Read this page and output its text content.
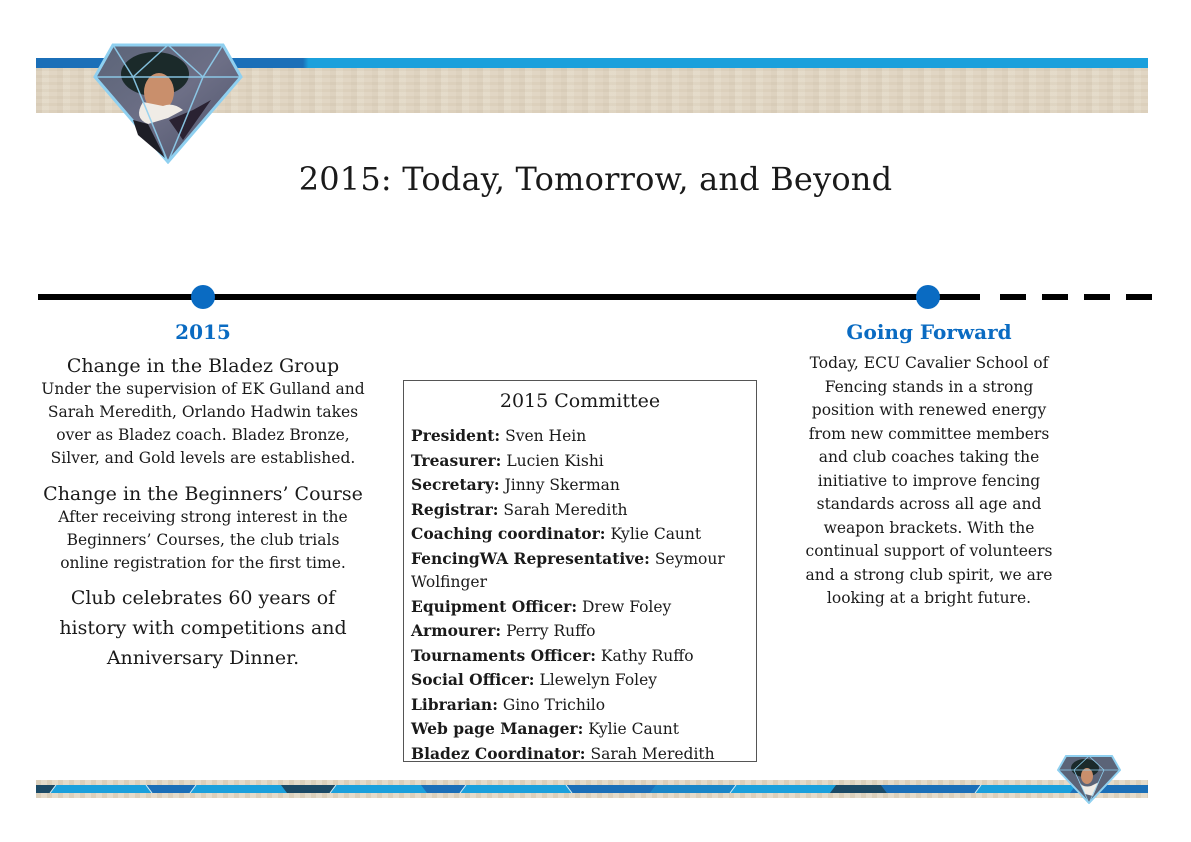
2015: Today, Tomorrow, and Beyond
2015
Change in the Bladez Group
Under the supervision of EK Gulland and Sarah Meredith, Orlando Hadwin takes over as Bladez coach. Bladez Bronze, Silver, and Gold levels are established.
Change in the Beginners’ Course
After receiving strong interest in the Beginners’ Courses, the club trials online registration for the first time.
Club celebrates 60 years of history with competitions and Anniversary Dinner.
2015 Committee
President: Sven Hein
Treasurer: Lucien Kishi
Secretary: Jinny Skerman
Registrar: Sarah Meredith
Coaching coordinator: Kylie Caunt
FencingWA Representative: Seymour Wolfinger
Equipment Officer: Drew Foley
Armourer: Perry Ruffo
Tournaments Officer: Kathy Ruffo
Social Officer: Llewelyn Foley
Librarian: Gino Trichilo
Web page Manager: Kylie Caunt
Bladez Coordinator: Sarah Meredith
Going Forward
Today, ECU Cavalier School of Fencing stands in a strong position with renewed energy from new committee members and club coaches taking the initiative to improve fencing standards across all age and weapon brackets. With the continual support of volunteers and a strong club spirit, we are looking at a bright future.
